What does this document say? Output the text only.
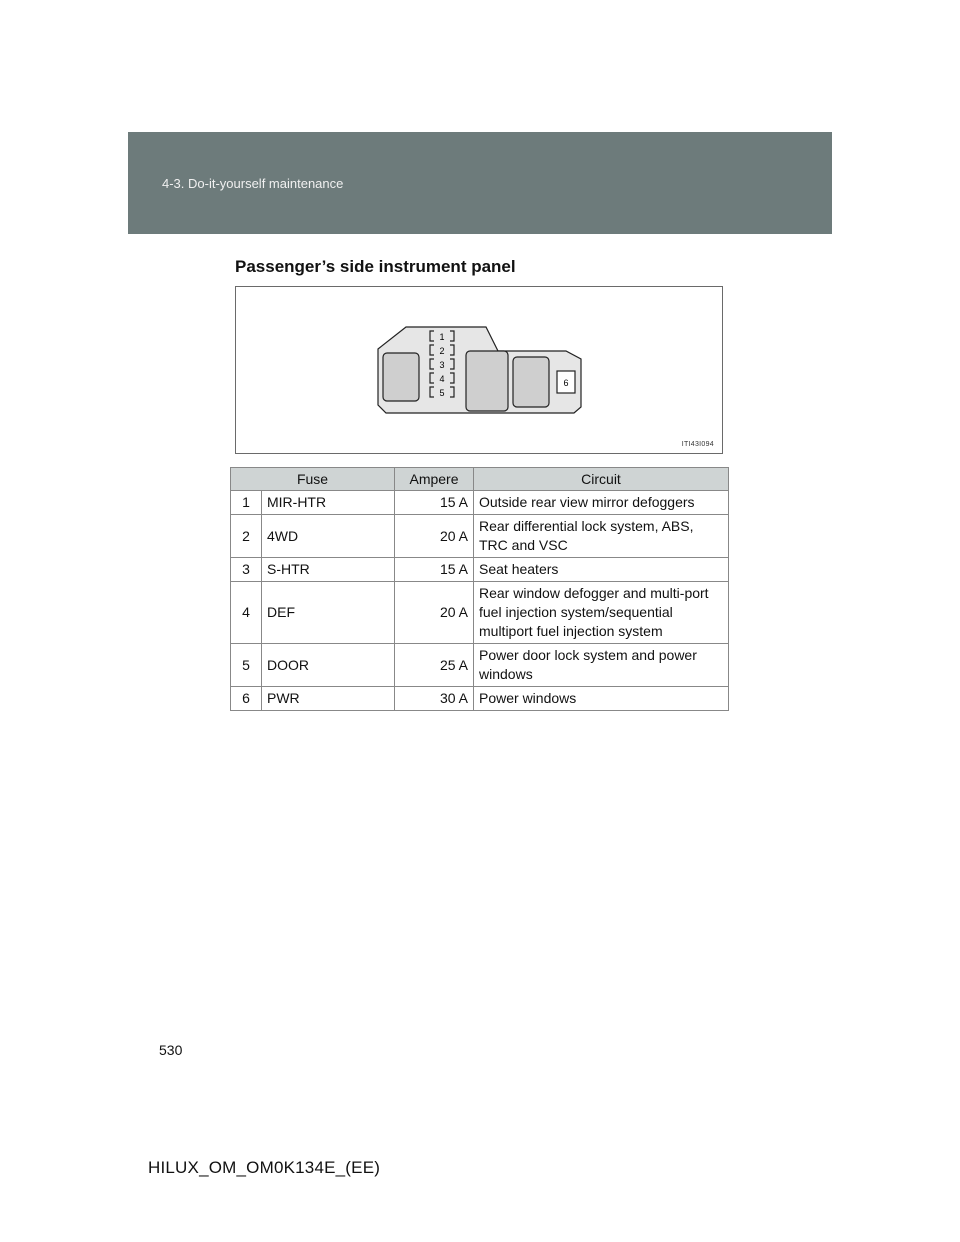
4-3. Do-it-yourself maintenance
Passenger’s side instrument panel
6
1
2
3
4
5
ITI43I094
Fuse		Ampere	Circuit
1	MIR-HTR	15 A	Outside rear view mirror defoggers
2	4WD	20 A	Rear differential lock system, ABS, TRC and VSC
3	S-HTR	15 A	Seat heaters
4	DEF	20 A	Rear window defogger and multi-port fuel injection system/sequential multiport fuel injection system
5	DOOR	25 A	Power door lock system and power windows
6	PWR	30 A	Power windows
530
HILUX_OM_OM0K134E_(EE)
